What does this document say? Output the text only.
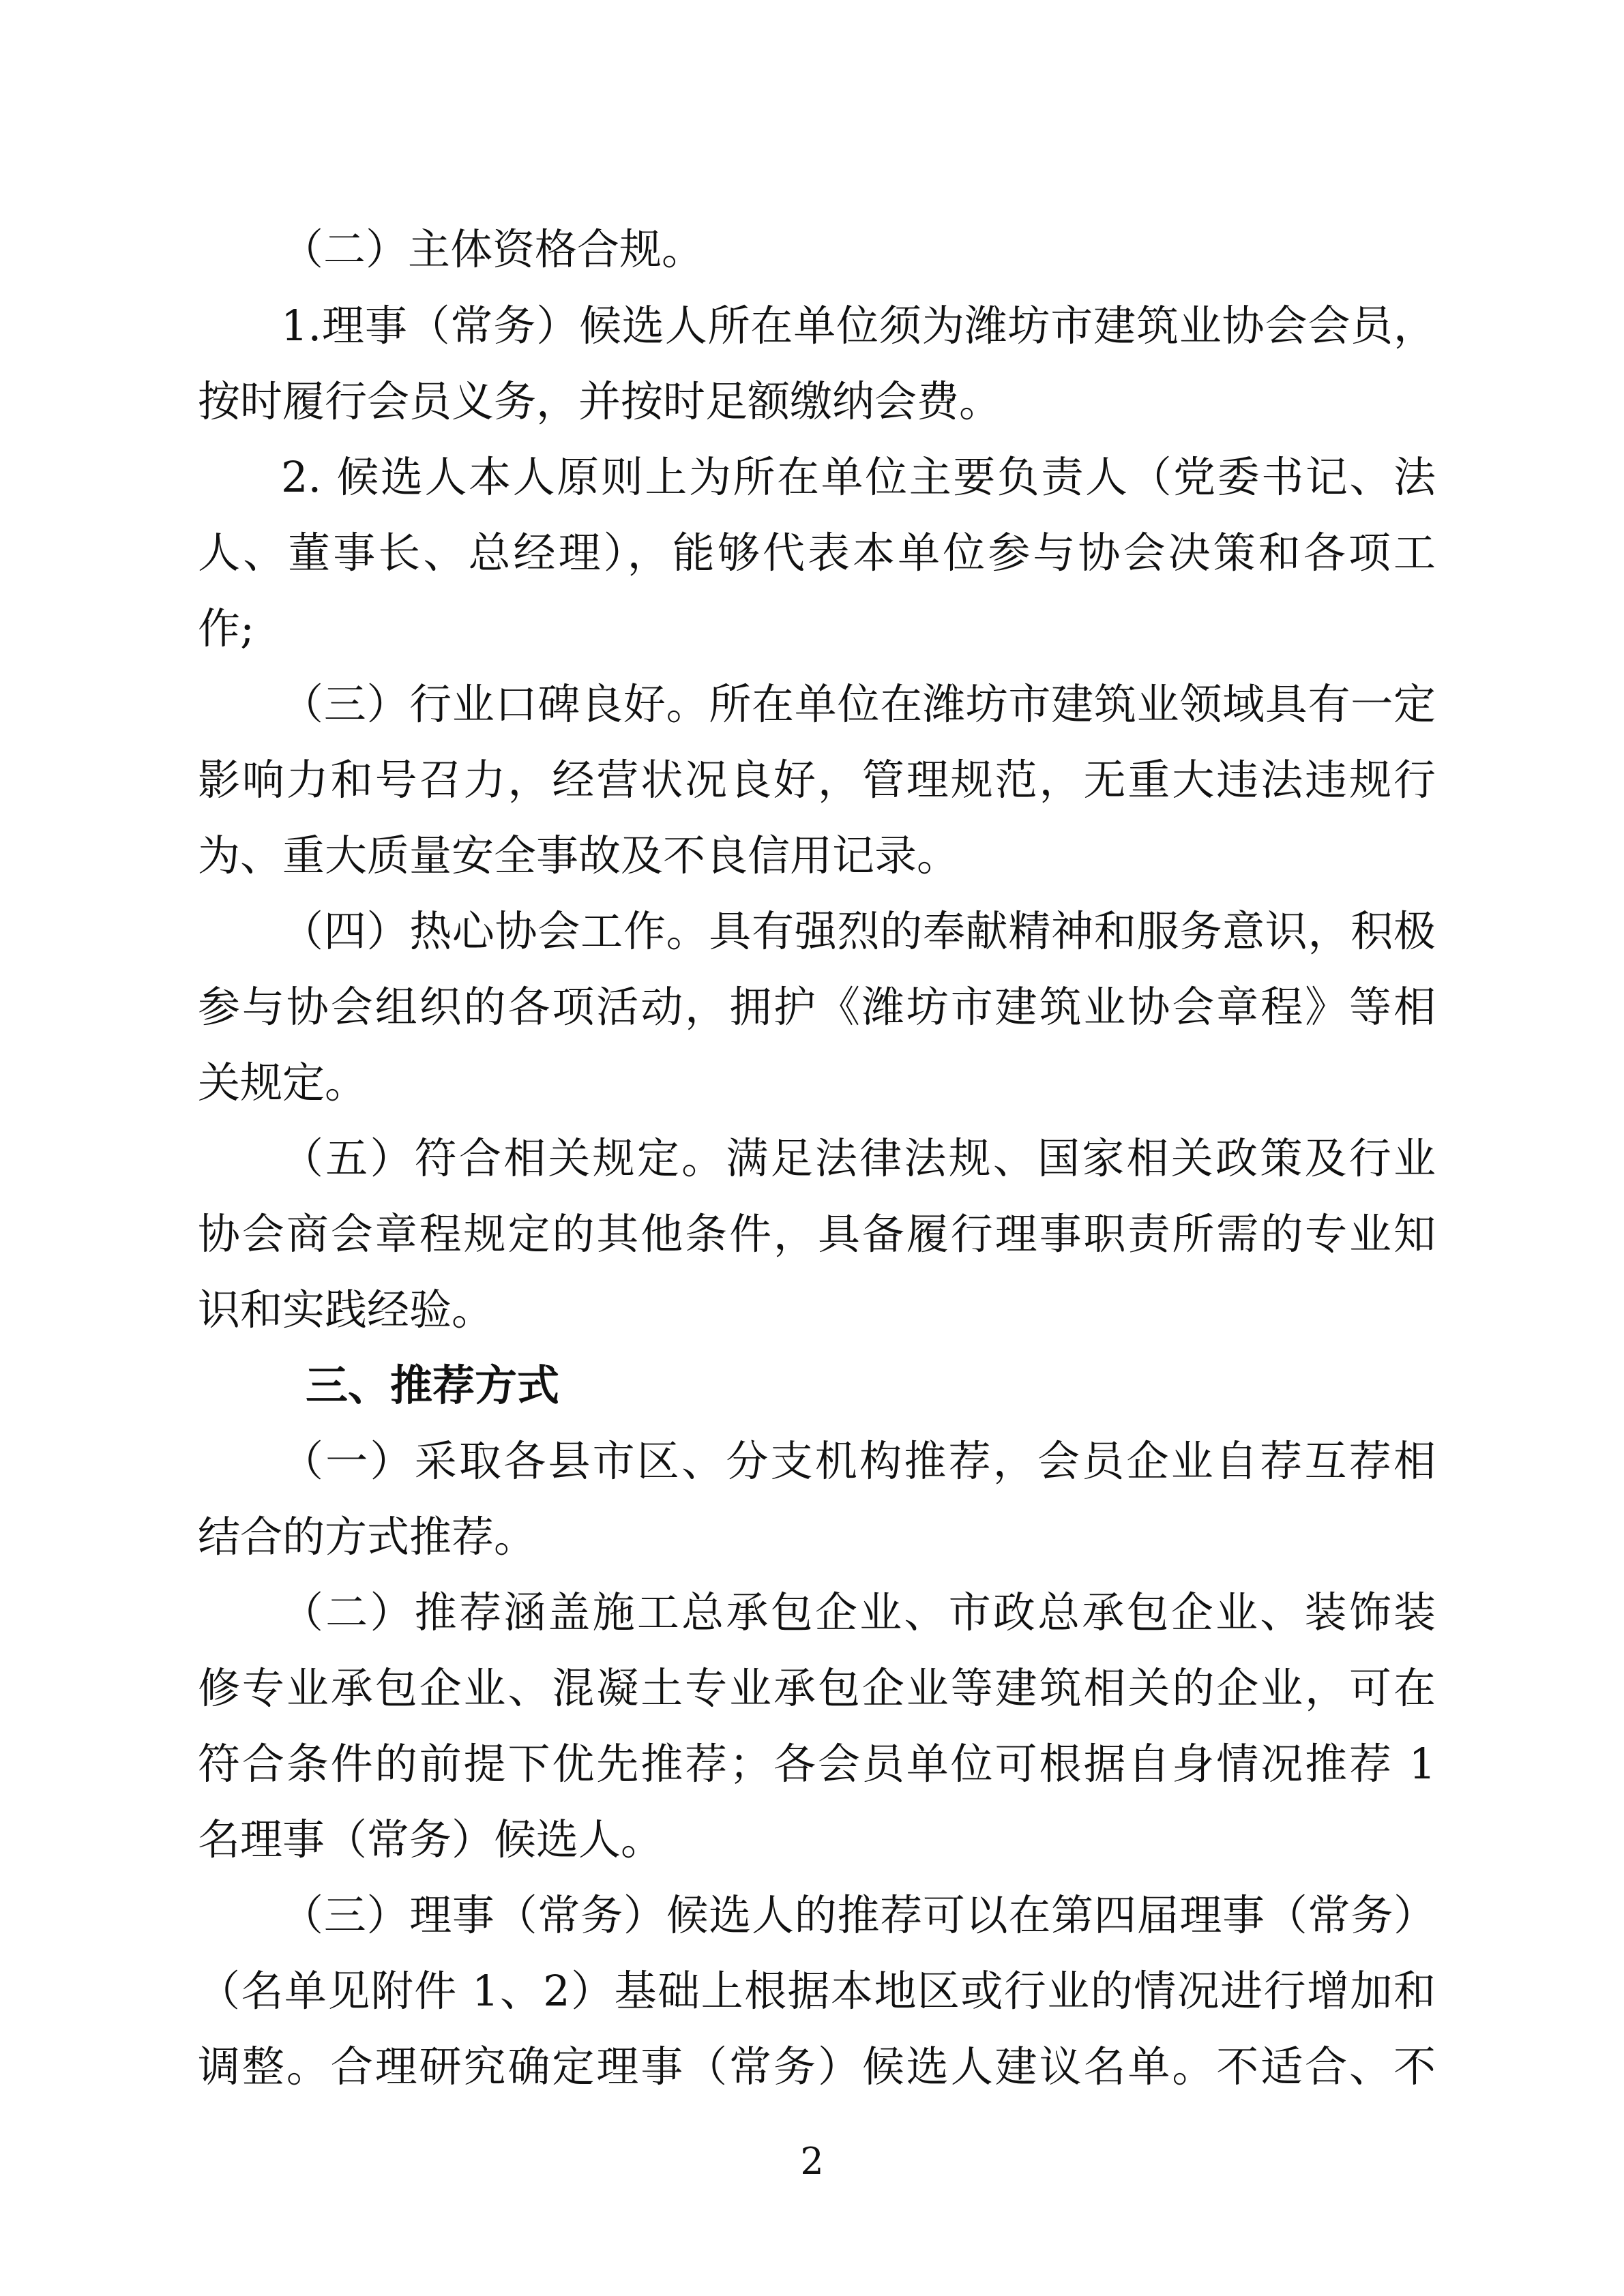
（二）主体资格合规。

1.理事（常务）候选人所在单位须为潍坊市建筑业协会会员，

按时履行会员义务，并按时足额缴纳会费。

2. 候选人本人原则上为所在单位主要负责人（党委书记、法

人、董事长、总经理），能够代表本单位参与协会决策和各项工

作;

（三）行业口碑良好。所在单位在潍坊市建筑业领域具有一定

影响力和号召力，经营状况良好，管理规范，无重大违法违规行

为、重大质量安全事故及不良信用记录。

（四）热心协会工作。具有强烈的奉献精神和服务意识，积极

参与协会组织的各项活动，拥护《潍坊市建筑业协会章程》等相

关规定。

（五）符合相关规定。满足法律法规、国家相关政策及行业

协会商会章程规定的其他条件，具备履行理事职责所需的专业知

识和实践经验。

三、推荐方式

（一）采取各县市区、分支机构推荐，会员企业自荐互荐相

结合的方式推荐。

（二）推荐涵盖施工总承包企业、市政总承包企业、装饰装

修专业承包企业、混凝土专业承包企业等建筑相关的企业，可在

符合条件的前提下优先推荐；各会员单位可根据自身情况推荐 1

名理事（常务）候选人。

（三）理事（常务）候选人的推荐可以在第四届理事（常务）

（名单见附件 1、2）基础上根据本地区或行业的情况进行增加和

调整。合理研究确定理事（常务）候选人建议名单。不适合、不

2
